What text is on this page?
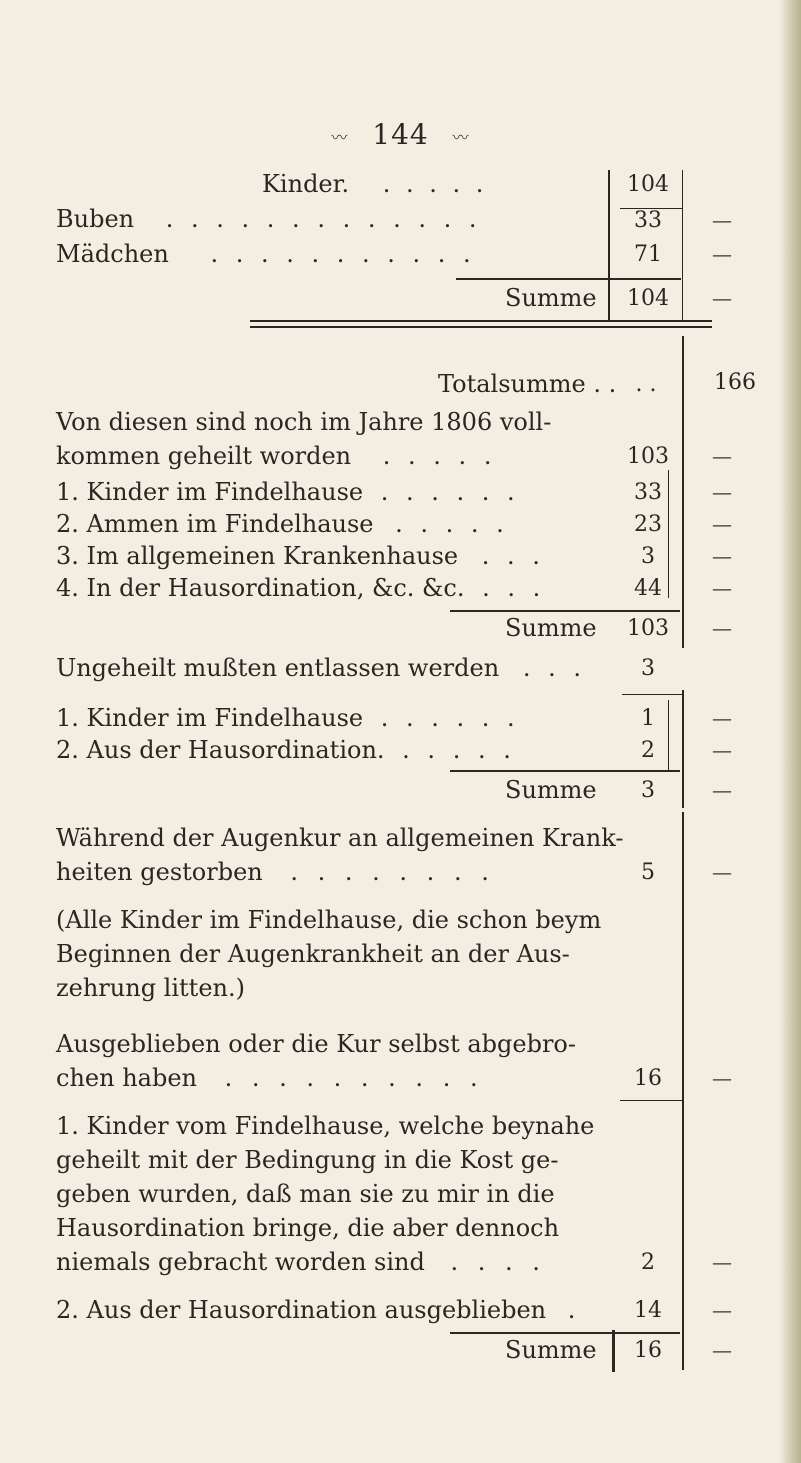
〰 144 〰
Kinder. . . . . .	104
Buben . . . . . . . . . . . . .	33	—
Mädchen . . . . . . . . . . .	71	—
Summe	104	—
Totalsumme . . . .	166
Von diesen sind noch im Jahre 1806 voll-
kommen geheilt worden . . . . .	103	—
1. Kinder im Findelhause . . . . . .	33	—
2. Ammen im Findelhause . . . . .	23	—
3. Im allgemeinen Krankenhause . . .	3	—
4. In der Hausordination, &c. &c. . . .	44	—
Summe	103	—
Ungeheilt mußten entlassen werden . . .	3
1. Kinder im Findelhause . . . . . .	1	—
2. Aus der Hausordination. . . . . .	2	—
Summe	3	—
Während der Augenkur an allgemeinen Krank-
heiten gestorben . . . . . . . .	5	—
(Alle Kinder im Findelhause, die schon beym
Beginnen der Augenkrankheit an der Aus-
zehrung litten.)
Ausgeblieben oder die Kur selbst abgebro-
chen haben . . . . . . . . . .	16	—
1. Kinder vom Findelhause, welche beynahe
geheilt mit der Bedingung in die Kost ge-
geben wurden, daß man sie zu mir in die
Hausordination bringe, die aber dennoch
niemals gebracht worden sind . . . .	2	—
2. Aus der Hausordination ausgeblieben .	14	—
Summe	16	—
